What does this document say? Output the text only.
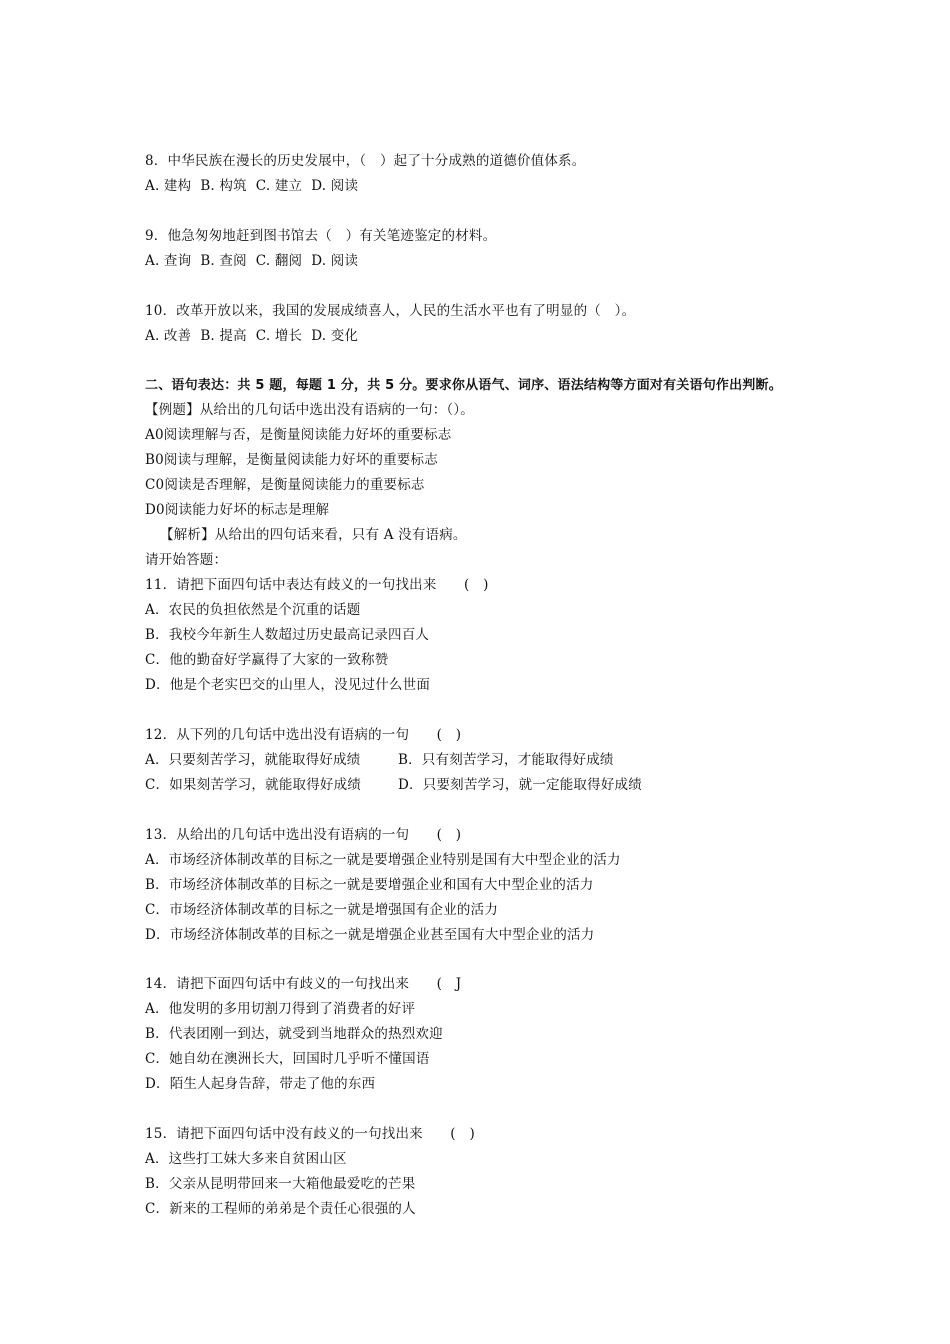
8．中华民族在漫长的历史发展中，（　）起了十分成熟的道德价值体系。
A. 建构  B. 构筑  C. 建立  D. 阅读
9．他急匆匆地赶到图书馆去（　）有关笔迹鉴定的材料。
A. 查询  B. 查阅  C. 翻阅  D. 阅读
10．改革开放以来，我国的发展成绩喜人，人民的生活水平也有了明显的（　）。
A. 改善  B. 提高  C. 增长  D. 变化
二、语句表达：共 5 题，每题 1 分，共 5 分。要求你从语气、词序、语法结构等方面对有关语句作出判断。
【例题】从给出的几句话中选出没有语病的一句：（）。
A0阅读理解与否，是衡量阅读能力好坏的重要标志
B0阅读与理解，是衡量阅读能力好坏的重要标志
C0阅读是否理解，是衡量阅读能力的重要标志
D0阅读能力好坏的标志是理解
【解析】从给出的四句话来看，只有 A 没有语病。
请开始答题：
11．请把下面四句话中表达有歧义的一句找出来　　(　)
A．农民的负担依然是个沉重的话题
B．我校今年新生人数超过历史最高记录四百人
C．他的勤奋好学赢得了大家的一致称赞
D．他是个老实巴交的山里人，没见过什么世面
12．从下列的几句话中选出没有语病的一句　　(　)
A．只要刻苦学习，就能取得好成绩	B．只有刻苦学习，才能取得好成绩
C．如果刻苦学习，就能取得好成绩	D．只要刻苦学习，就一定能取得好成绩
13．从给出的几句话中选出没有语病的一句　　(　)
A．市场经济体制改革的目标之一就是要增强企业特别是国有大中型企业的活力
B．市场经济体制改革的目标之一就是要增强企业和国有大中型企业的活力
C．市场经济体制改革的目标之一就是增强国有企业的活力
D．市场经济体制改革的目标之一就是增强企业甚至国有大中型企业的活力
14．请把下面四句话中有歧义的一句找出来　　(　J
A．他发明的多用切割刀得到了消费者的好评
B．代表团刚一到达，就受到当地群众的热烈欢迎
C．她自幼在澳洲长大，回国时几乎听不懂国语
D．陌生人起身告辞，带走了他的东西
15．请把下面四句话中没有歧义的一句找出来　　(　)
A．这些打工妹大多来自贫困山区
B．父亲从昆明带回来一大箱他最爱吃的芒果
C．新来的工程师的弟弟是个责任心很强的人
